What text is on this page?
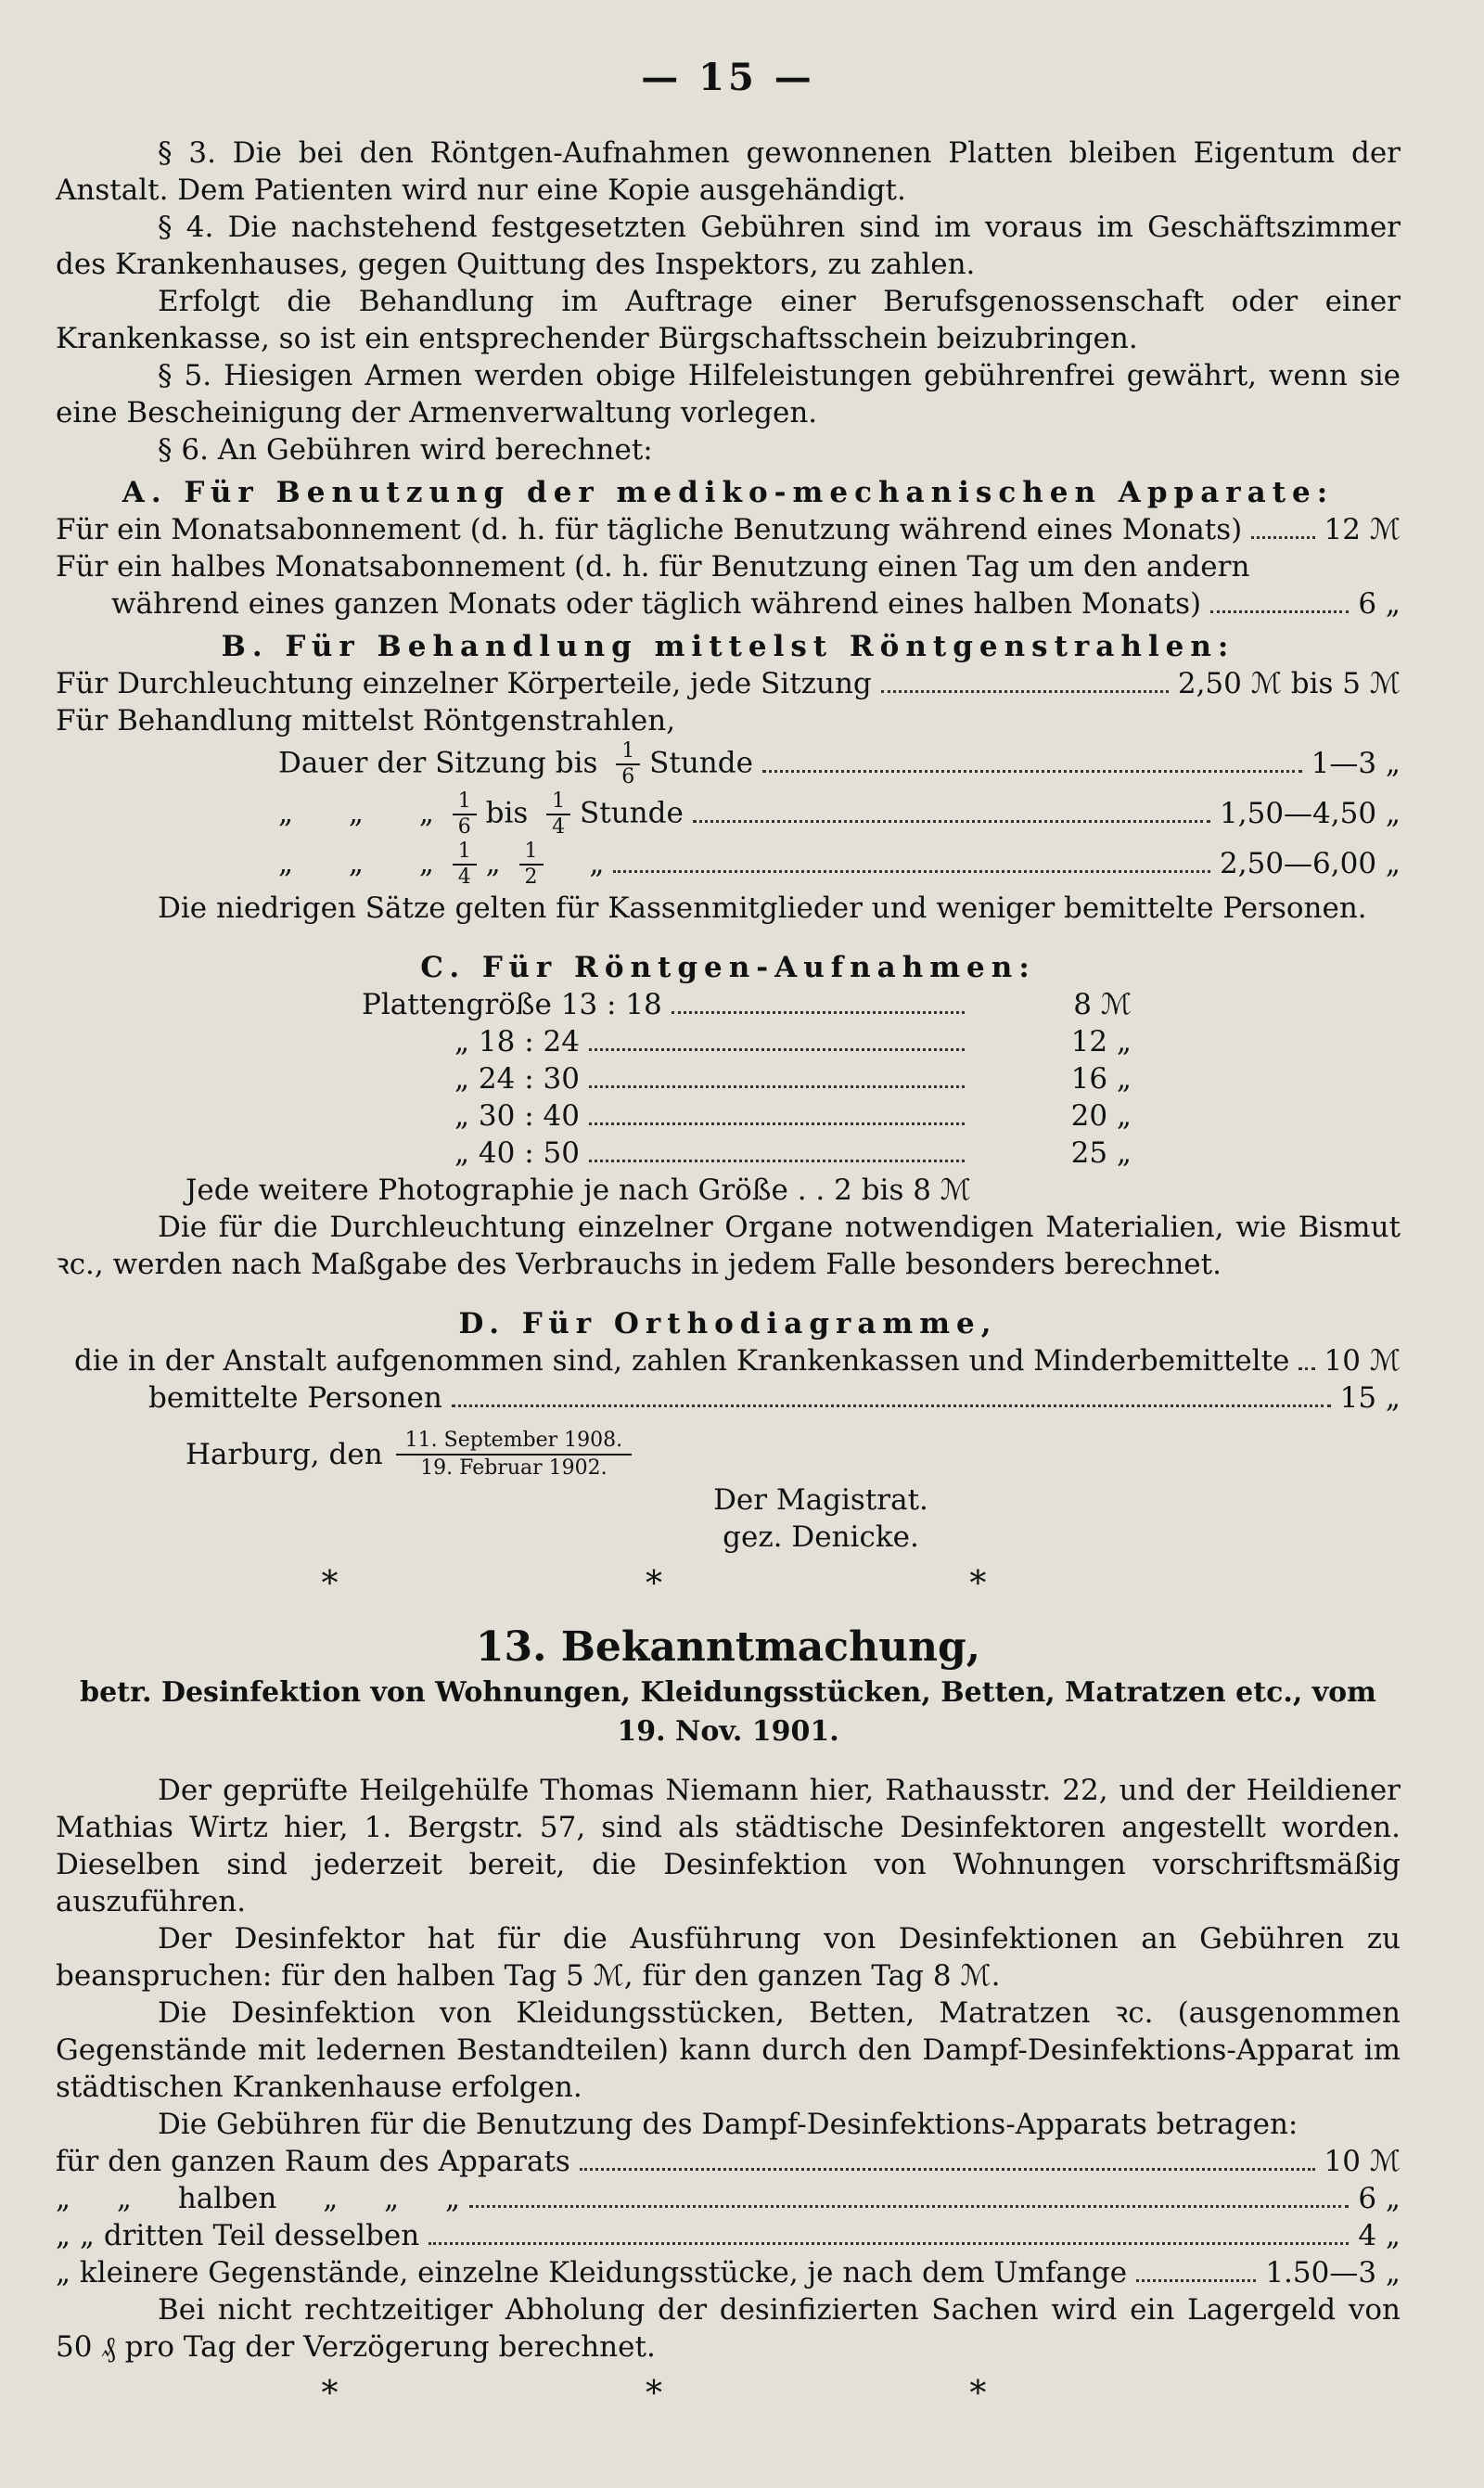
— 15 —

§ 3. Die bei den Röntgen-Aufnahmen gewonnenen Platten bleiben Eigentum der Anstalt. Dem Patienten wird nur eine Kopie ausgehändigt.

§ 4. Die nachstehend festgesetzten Gebühren sind im voraus im Geschäftszimmer des Krankenhauses, gegen Quittung des Inspektors, zu zahlen.

Erfolgt die Behandlung im Auftrage einer Berufsgenossenschaft oder einer Krankenkasse, so ist ein entsprechender Bürgschaftsschein beizubringen.

§ 5. Hiesigen Armen werden obige Hilfeleistungen gebührenfrei gewährt, wenn sie eine Bescheinigung der Armenverwaltung vorlegen.

§ 6. An Gebühren wird berechnet:

A. Für Benutzung der mediko-mechanischen Apparate:
Für ein Monatsabonnement (d. h. für tägliche Benutzung während eines Monats)	12 ℳ
Für ein halbes Monatsabonnement (d. h. für Benutzung einen Tag um den andern
während eines ganzen Monats oder täglich während eines halben Monats)	6 „
B. Für Behandlung mittelst Röntgenstrahlen:
Für Durchleuchtung einzelner Körperteile, jede Sitzung	2,50 ℳ bis 5 ℳ
Für Behandlung mittelst Röntgenstrahlen,
Dauer der Sitzung bis $\frac{1}{6}$ Stunde	1—3 „
„ „ „ $\frac{1}{6}$ bis $\frac{1}{4}$ Stunde	1,50—4,50 „
„ „ „ $\frac{1}{4}$ „ $\frac{1}{2}$ „	2,50—6,00 „

Die niedrigen Sätze gelten für Kassenmitglieder und weniger bemittelte Personen.

C. Für Röntgen-Aufnahmen:
Plattengröße 13 : 18	8 ℳ
„ 18 : 24	12 „
„ 24 : 30	16 „
„ 30 : 40	20 „
„ 40 : 50	25 „

Jede weitere Photographie je nach Größe . . 2 bis 8 ℳ

Die für die Durchleuchtung einzelner Organe notwendigen Materialien, wie Bismut ꝛc., werden nach Maßgabe des Verbrauchs in jedem Falle besonders berechnet.

D. Für Orthodiagramme,
die in der Anstalt aufgenommen sind, zahlen Krankenkassen und Minderbemittelte 10 ℳ
bemittelte Personen	15 „
Harburg, den	11. September 1908.
19. Februar 1902.
Der Magistrat.
gez. Denicke.
* * *
13. Bekanntmachung,
betr. Desinfektion von Wohnungen, Kleidungsstücken, Betten, Matratzen etc., vom 19. Nov. 1901.

Der geprüfte Heilgehülfe Thomas Niemann hier, Rathausstr. 22, und der Heildiener Mathias Wirtz hier, 1. Bergstr. 57, sind als städtische Desinfektoren angestellt worden. Dieselben sind jederzeit bereit, die Desinfektion von Wohnungen vorschriftsmäßig auszuführen.

Der Desinfektor hat für die Ausführung von Desinfektionen an Gebühren zu beanspruchen: für den halben Tag 5 ℳ, für den ganzen Tag 8 ℳ.

Die Desinfektion von Kleidungsstücken, Betten, Matratzen ꝛc. (ausgenommen Gegenstände mit ledernen Bestandteilen) kann durch den Dampf-Desinfektions-Apparat im städtischen Krankenhause erfolgen.

Die Gebühren für die Benutzung des Dampf-Desinfektions-Apparats betragen:

für den ganzen Raum des Apparats	10 ℳ
„ „ halben „ „ „	6 „
„ „ dritten Teil desselben	4 „
„ kleinere Gegenstände, einzelne Kleidungsstücke, je nach dem Umfange	1.50—3 „

Bei nicht rechtzeitiger Abholung der desinfizierten Sachen wird ein Lagergeld von 50 ₰ pro Tag der Verzögerung berechnet.

* * *
